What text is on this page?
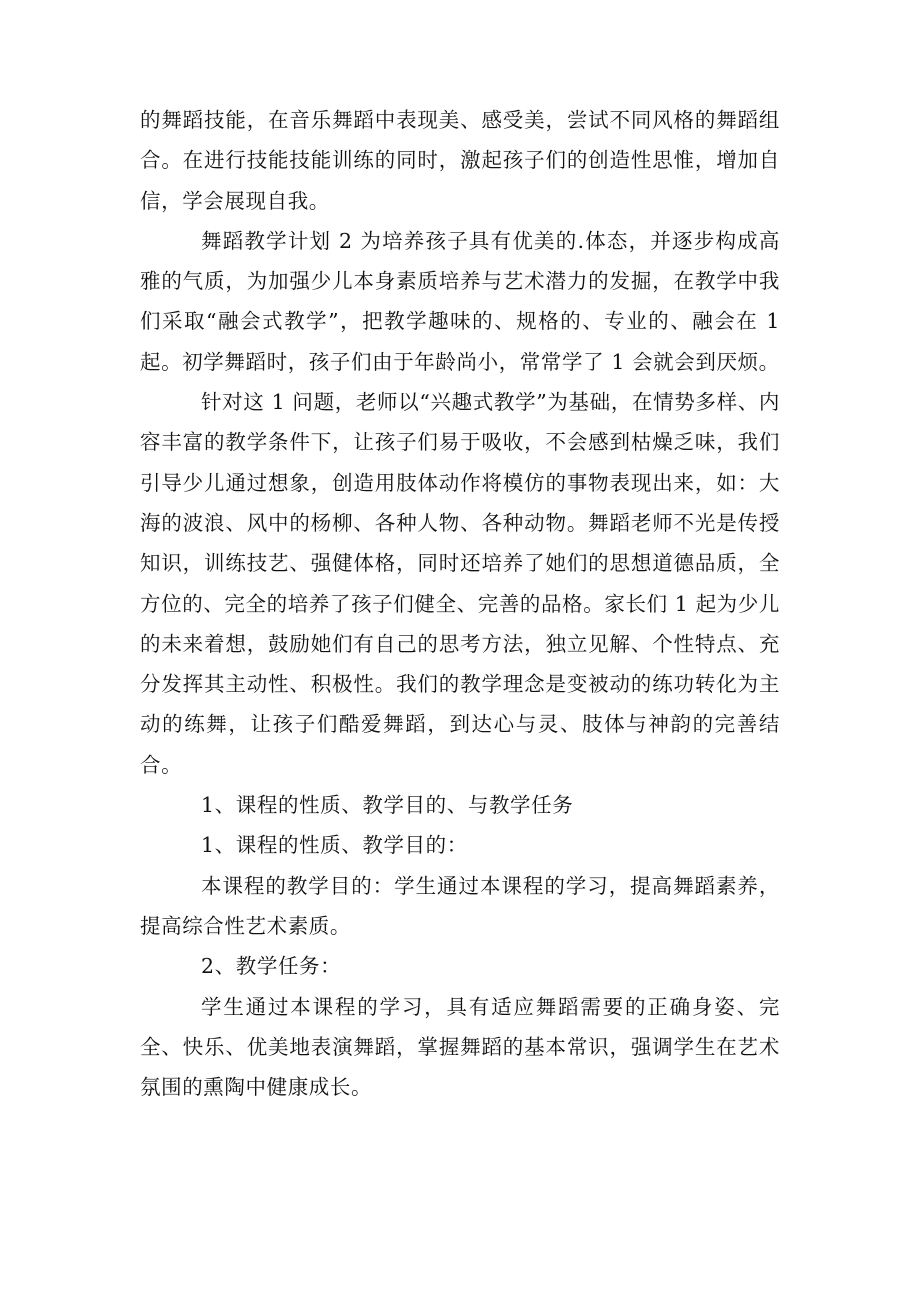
的舞蹈技能，在音乐舞蹈中表现美、感受美，尝试不同风格的舞蹈组合。在进行技能技能训练的同时，激起孩子们的创造性思惟，增加自信，学会展现自我。

舞蹈教学计划 2 为培养孩子具有优美的.体态，并逐步构成高雅的气质，为加强少儿本身素质培养与艺术潜力的发掘，在教学中我们采取“融会式教学”，把教学趣味的、规格的、专业的、融会在 1 起。初学舞蹈时，孩子们由于年龄尚小，常常学了 1 会就会到厌烦。

针对这 1 问题，老师以“兴趣式教学”为基础，在情势多样、内容丰富的教学条件下，让孩子们易于吸收，不会感到枯燥乏味，我们引导少儿通过想象，创造用肢体动作将模仿的事物表现出来，如：大海的波浪、风中的杨柳、各种人物、各种动物。舞蹈老师不光是传授知识，训练技艺、强健体格，同时还培养了她们的思想道德品质，全方位的、完全的培养了孩子们健全、完善的品格。家长们 1 起为少儿的未来着想，鼓励她们有自己的思考方法，独立见解、个性特点、充分发挥其主动性、积极性。我们的教学理念是变被动的练功转化为主动的练舞，让孩子们酷爱舞蹈，到达心与灵、肢体与神韵的完善结合。

1、课程的性质、教学目的、与教学任务

1、课程的性质、教学目的：

本课程的教学目的：学生通过本课程的学习，提高舞蹈素养，提高综合性艺术素质。

2、教学任务：

学生通过本课程的学习，具有适应舞蹈需要的正确身姿、完全、快乐、优美地表演舞蹈，掌握舞蹈的基本常识，强调学生在艺术氛围的熏陶中健康成长。
